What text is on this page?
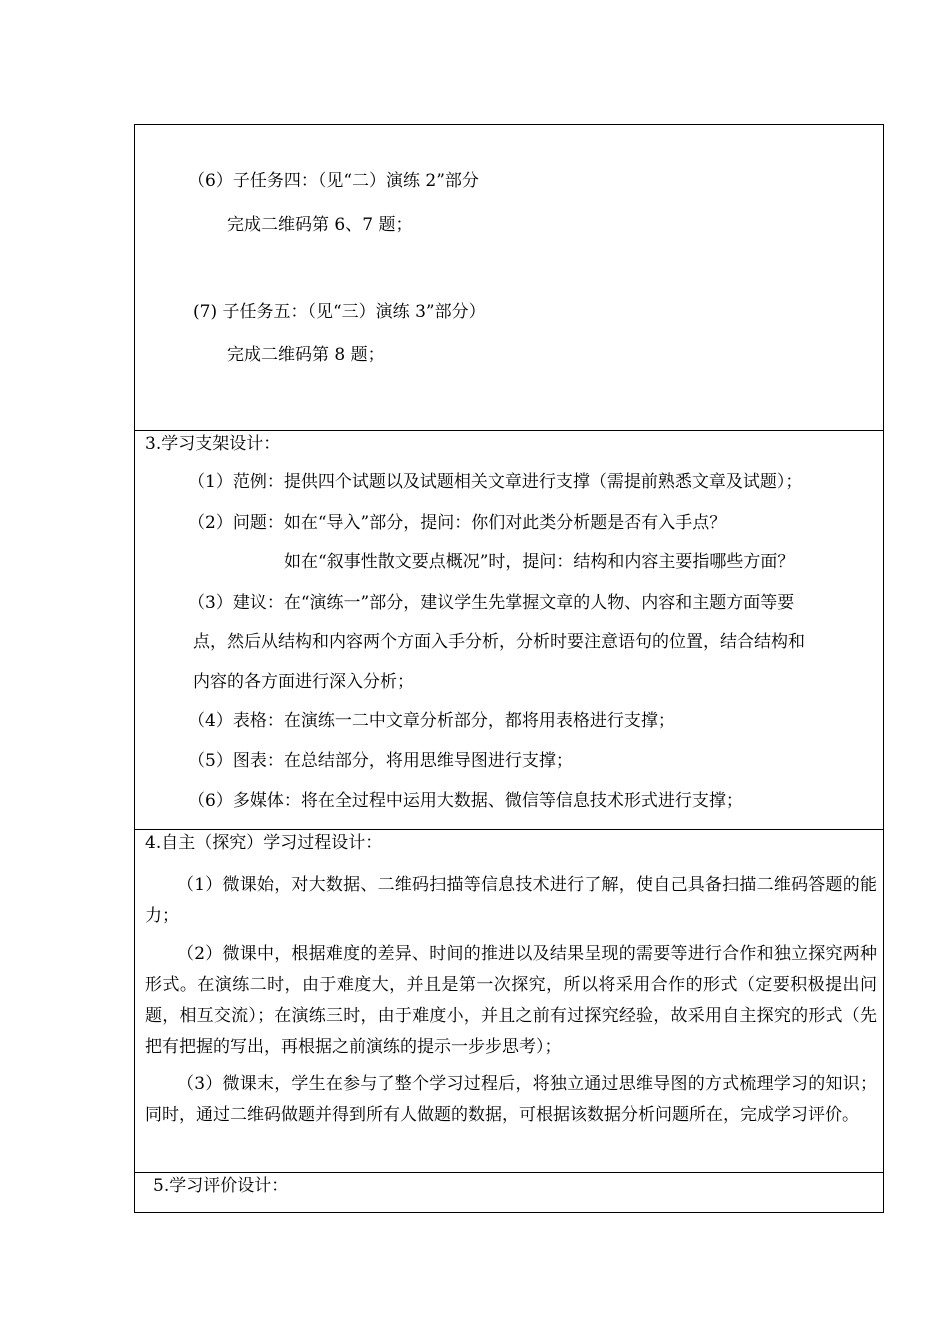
（6）子任务四：（见“二）演练 2”部分
完成二维码第 6、7 题；
(7) 子任务五：（见“三）演练 3”部分）
完成二维码第 8 题；
3.学习支架设计：
（1）范例：提供四个试题以及试题相关文章进行支撑（需提前熟悉文章及试题）；
（2）问题：如在“导入”部分，提问：你们对此类分析题是否有入手点？
如在“叙事性散文要点概况”时，提问：结构和内容主要指哪些方面？
（3）建议：在“演练一”部分，建议学生先掌握文章的人物、内容和主题方面等要
点，然后从结构和内容两个方面入手分析，分析时要注意语句的位置，结合结构和
内容的各方面进行深入分析；
（4）表格：在演练一二中文章分析部分，都将用表格进行支撑；
（5）图表：在总结部分，将用思维导图进行支撑；
（6）多媒体：将在全过程中运用大数据、微信等信息技术形式进行支撑；
4.自主（探究）学习过程设计：
（1）微课始，对大数据、二维码扫描等信息技术进行了解，使自己具备扫描二维码答题的能力；
（2）微课中，根据难度的差异、时间的推进以及结果呈现的需要等进行合作和独立探究两种形式。在演练二时，由于难度大，并且是第一次探究，所以将采用合作的形式（定要积极提出问题，相互交流）；在演练三时，由于难度小，并且之前有过探究经验，故采用自主探究的形式（先把有把握的写出，再根据之前演练的提示一步步思考）；
（3）微课末，学生在参与了整个学习过程后，将独立通过思维导图的方式梳理学习的知识；同时，通过二维码做题并得到所有人做题的数据，可根据该数据分析问题所在，完成学习评价。
5.学习评价设计：
